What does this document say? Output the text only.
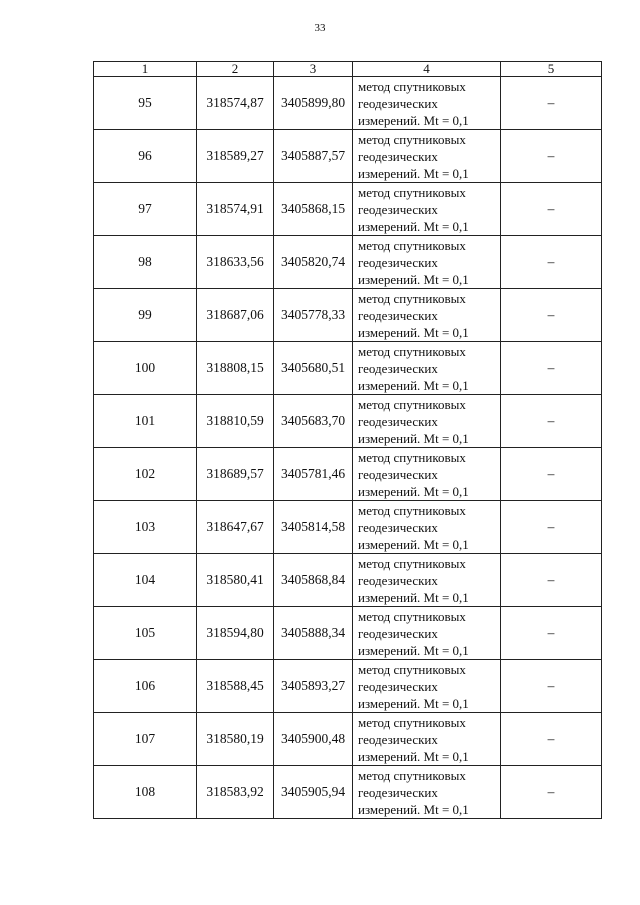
33
1	2	3	4	5
95	318574,87	3405899,80	метод спутниковых
геодезических
измерений. Mt = 0,1	–
96	318589,27	3405887,57	метод спутниковых
геодезических
измерений. Mt = 0,1	–
97	318574,91	3405868,15	метод спутниковых
геодезических
измерений. Mt = 0,1	–
98	318633,56	3405820,74	метод спутниковых
геодезических
измерений. Mt = 0,1	–
99	318687,06	3405778,33	метод спутниковых
геодезических
измерений. Mt = 0,1	–
100	318808,15	3405680,51	метод спутниковых
геодезических
измерений. Mt = 0,1	–
101	318810,59	3405683,70	метод спутниковых
геодезических
измерений. Mt = 0,1	–
102	318689,57	3405781,46	метод спутниковых
геодезических
измерений. Mt = 0,1	–
103	318647,67	3405814,58	метод спутниковых
геодезических
измерений. Mt = 0,1	–
104	318580,41	3405868,84	метод спутниковых
геодезических
измерений. Mt = 0,1	–
105	318594,80	3405888,34	метод спутниковых
геодезических
измерений. Mt = 0,1	–
106	318588,45	3405893,27	метод спутниковых
геодезических
измерений. Mt = 0,1	–
107	318580,19	3405900,48	метод спутниковых
геодезических
измерений. Mt = 0,1	–
108	318583,92	3405905,94	метод спутниковых
геодезических
измерений. Mt = 0,1	–
